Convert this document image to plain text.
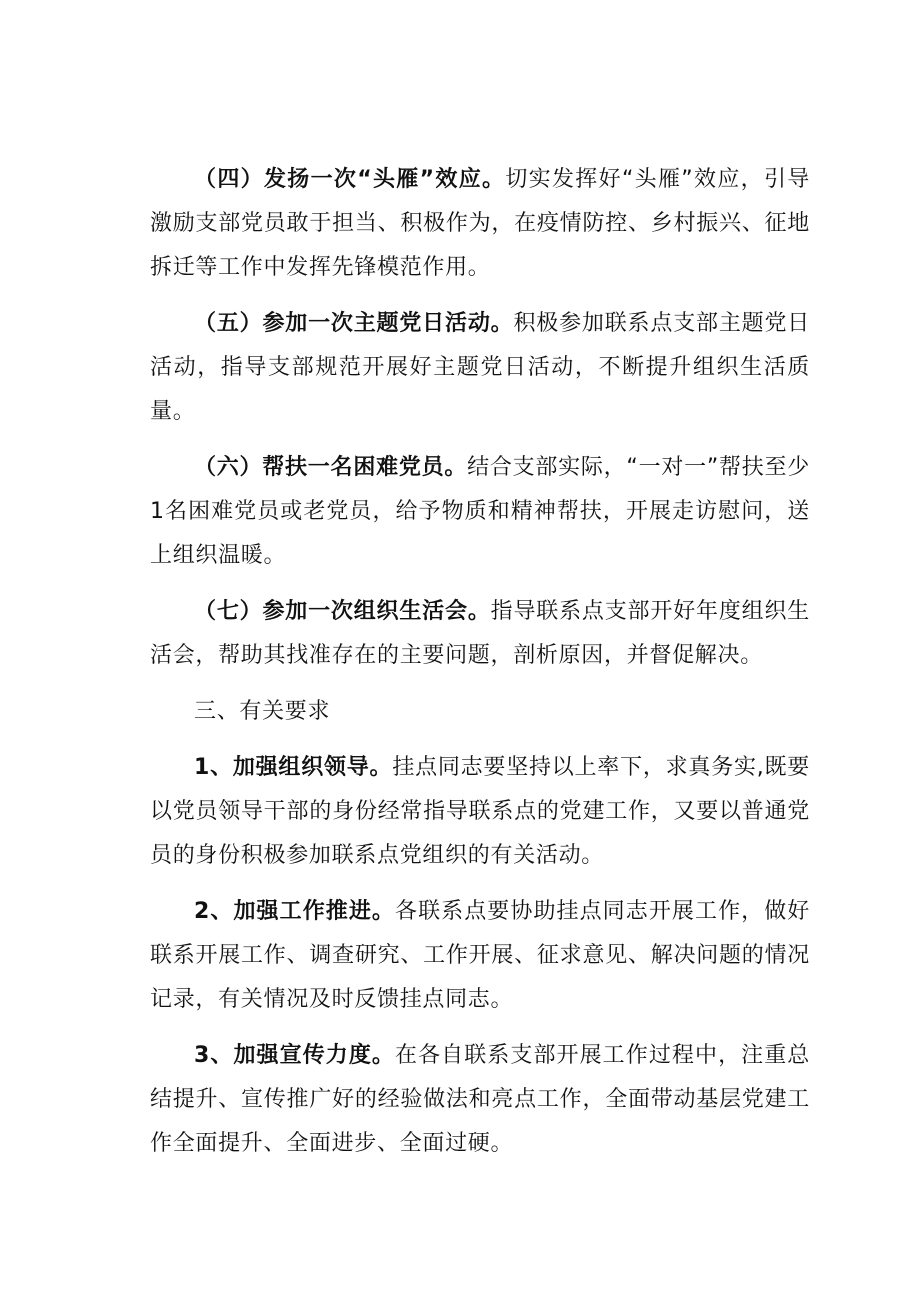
（四）发扬一次“头雁”效应。切实发挥好“头雁”效应，引导激励支部党员敢于担当、积极作为，在疫情防控、乡村振兴、征地拆迁等工作中发挥先锋模范作用。

（五）参加一次主题党日活动。积极参加联系点支部主题党日活动，指导支部规范开展好主题党日活动，不断提升组织生活质量。

（六）帮扶一名困难党员。结合支部实际，“一对一”帮扶至少1名困难党员或老党员，给予物质和精神帮扶，开展走访慰问，送上组织温暖。

（七）参加一次组织生活会。指导联系点支部开好年度组织生活会，帮助其找准存在的主要问题，剖析原因，并督促解决。

三、有关要求

1、加强组织领导。挂点同志要坚持以上率下，求真务实,既要以党员领导干部的身份经常指导联系点的党建工作，又要以普通党员的身份积极参加联系点党组织的有关活动。

2、加强工作推进。各联系点要协助挂点同志开展工作，做好联系开展工作、调查研究、工作开展、征求意见、解决问题的情况记录，有关情况及时反馈挂点同志。

3、加强宣传力度。在各自联系支部开展工作过程中，注重总结提升、宣传推广好的经验做法和亮点工作，全面带动基层党建工作全面提升、全面进步、全面过硬。
